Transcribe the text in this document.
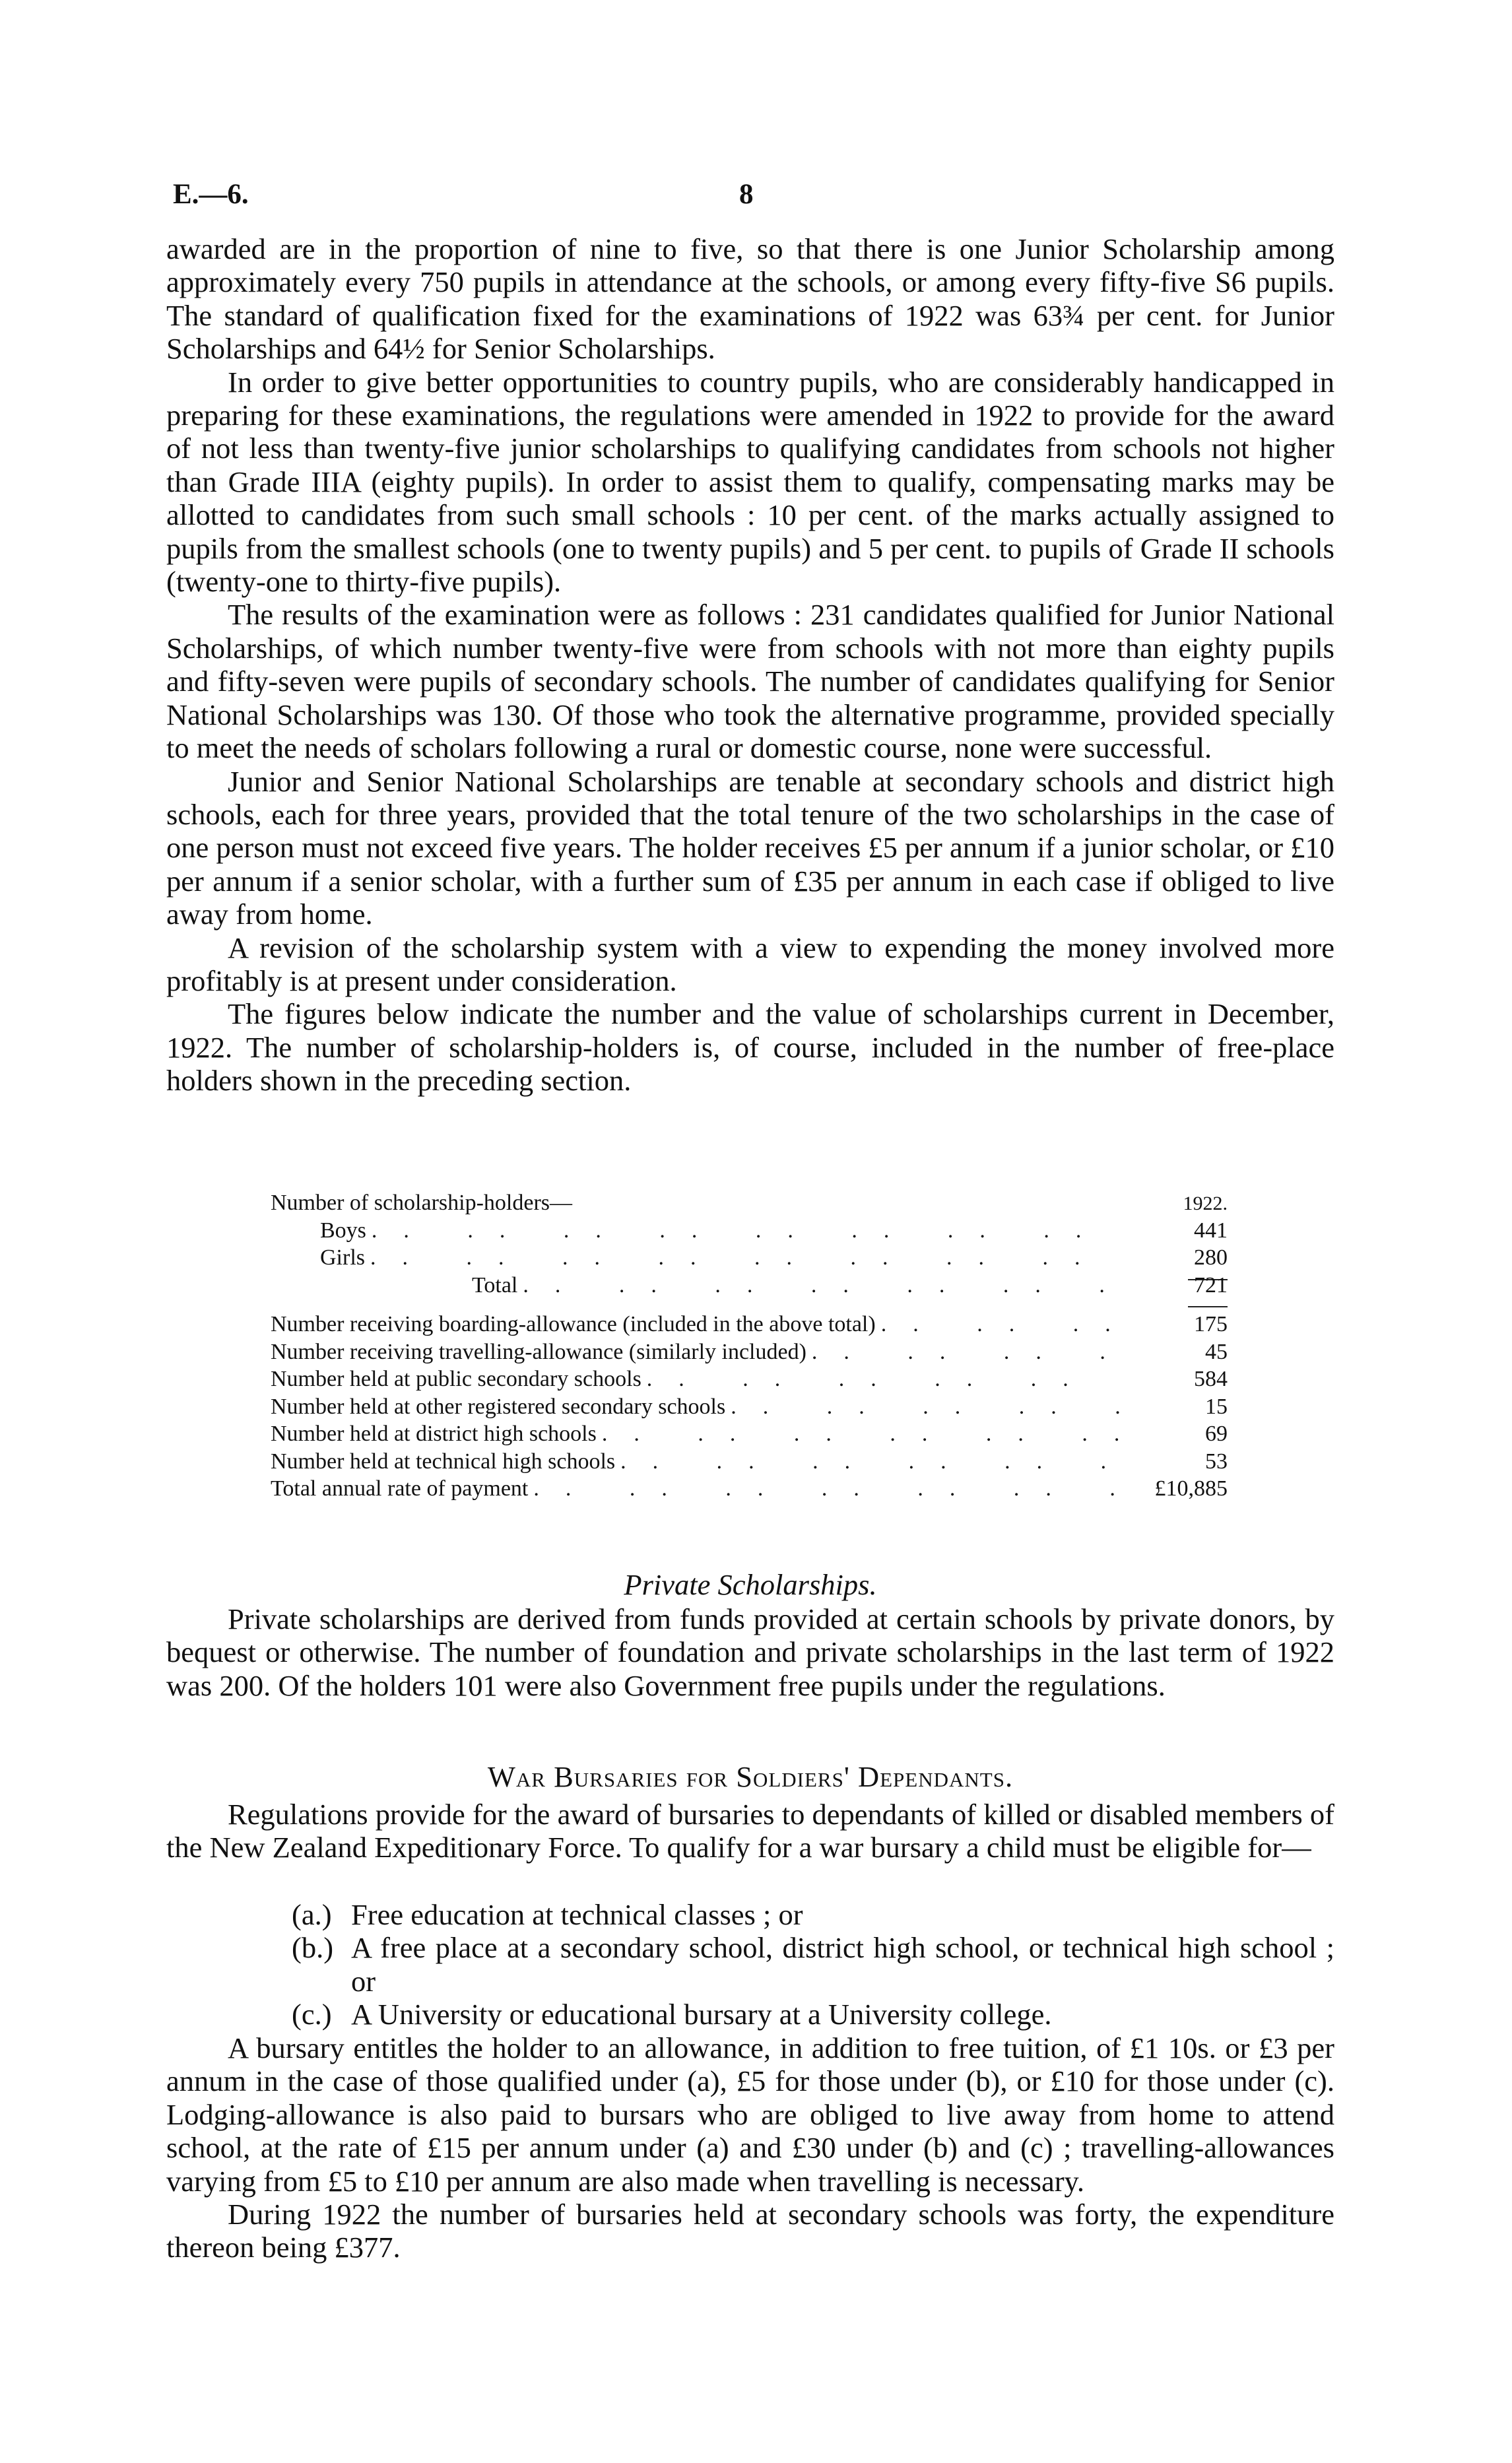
E.—6.	8

awarded are in the proportion of nine to five, so that there is one Junior Scholarship among approximately every 750 pupils in attendance at the schools, or among every fifty-five S6 pupils. The standard of qualification fixed for the examinations of 1922 was 63¾ per cent. for Junior Scholarships and 64½ for Senior Scholarships.

In order to give better opportunities to country pupils, who are considerably handicapped in preparing for these examinations, the regulations were amended in 1922 to provide for the award of not less than twenty-five junior scholarships to qualifying candidates from schools not higher than Grade IIIA (eighty pupils). In order to assist them to qualify, compensating marks may be allotted to candidates from such small schools : 10 per cent. of the marks actually assigned to pupils from the smallest schools (one to twenty pupils) and 5 per cent. to pupils of Grade II schools (twenty-one to thirty-five pupils).

The results of the examination were as follows : 231 candidates qualified for Junior National Scholarships, of which number twenty-five were from schools with not more than eighty pupils and fifty-seven were pupils of secondary schools. The number of candidates qualifying for Senior National Scholarships was 130. Of those who took the alternative programme, provided specially to meet the needs of scholars following a rural or domestic course, none were successful.

Junior and Senior National Scholarships are tenable at secondary schools and district high schools, each for three years, provided that the total tenure of the two scholarships in the case of one person must not exceed five years. The holder receives £5 per annum if a junior scholar, or £10 per annum if a senior scholar, with a further sum of £35 per annum in each case if obliged to live away from home.

A revision of the scholarship system with a view to expending the money involved more profitably is at present under consideration.

The figures below indicate the number and the value of scholarships current in December, 1922. The number of scholarship-holders is, of course, included in the number of free-place holders shown in the preceding section.

Number of scholarship-holders—	1922.
Boys .. ..	441
Girls .. ..	280
Total .. ..	721
Number receiving boarding-allowance (included in the above total) .. ..	175
Number receiving travelling-allowance (similarly included) .. ..	45
Number held at public secondary schools .. ..	584
Number held at other registered secondary schools .. ..	15
Number held at district high schools .. ..	69
Number held at technical high schools .. ..	53
Total annual rate of payment .. ..	£10,885
Private Scholarships.

Private scholarships are derived from funds provided at certain schools by private donors, by bequest or otherwise. The number of foundation and private scholarships in the last term of 1922 was 200. Of the holders 101 were also Government free pupils under the regulations.

War Bursaries for Soldiers' Dependants.

Regulations provide for the award of bursaries to dependants of killed or disabled members of the New Zealand Expeditionary Force. To qualify for a war bursary a child must be eligible for—

(a.) Free education at technical classes ; or
(b.) A free place at a secondary school, district high school, or technical high school ; or
(c.) A University or educational bursary at a University college.

A bursary entitles the holder to an allowance, in addition to free tuition, of £1 10s. or £3 per annum in the case of those qualified under (a), £5 for those under (b), or £10 for those under (c). Lodging-allowance is also paid to bursars who are obliged to live away from home to attend school, at the rate of £15 per annum under (a) and £30 under (b) and (c) ; travelling-allowances varying from £5 to £10 per annum are also made when travelling is necessary.

During 1922 the number of bursaries held at secondary schools was forty, the expenditure thereon being £377.
